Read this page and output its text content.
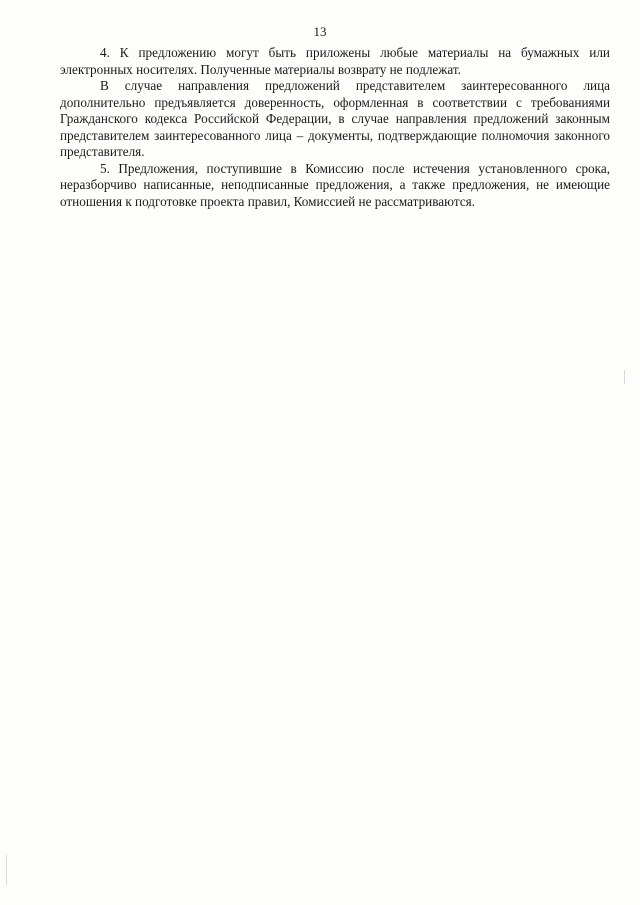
13

4. К предложению могут быть приложены любые материалы на бумажных или электронных носителях. Полученные материалы возврату не подлежат.

В случае направления предложений представителем заинтересованного лица дополнительно предъявляется доверенность, оформленная в соответствии с требованиями Гражданского кодекса Российской Федерации, в случае направления предложений законным представителем заинтересованного лица – документы, подтверждающие полномочия законного представителя.

5. Предложения, поступившие в Комиссию после истечения установленного срока, неразборчиво написанные, неподписанные предложения, а также предложения, не имеющие отношения к подготовке проекта правил, Комиссией не рассматриваются.
